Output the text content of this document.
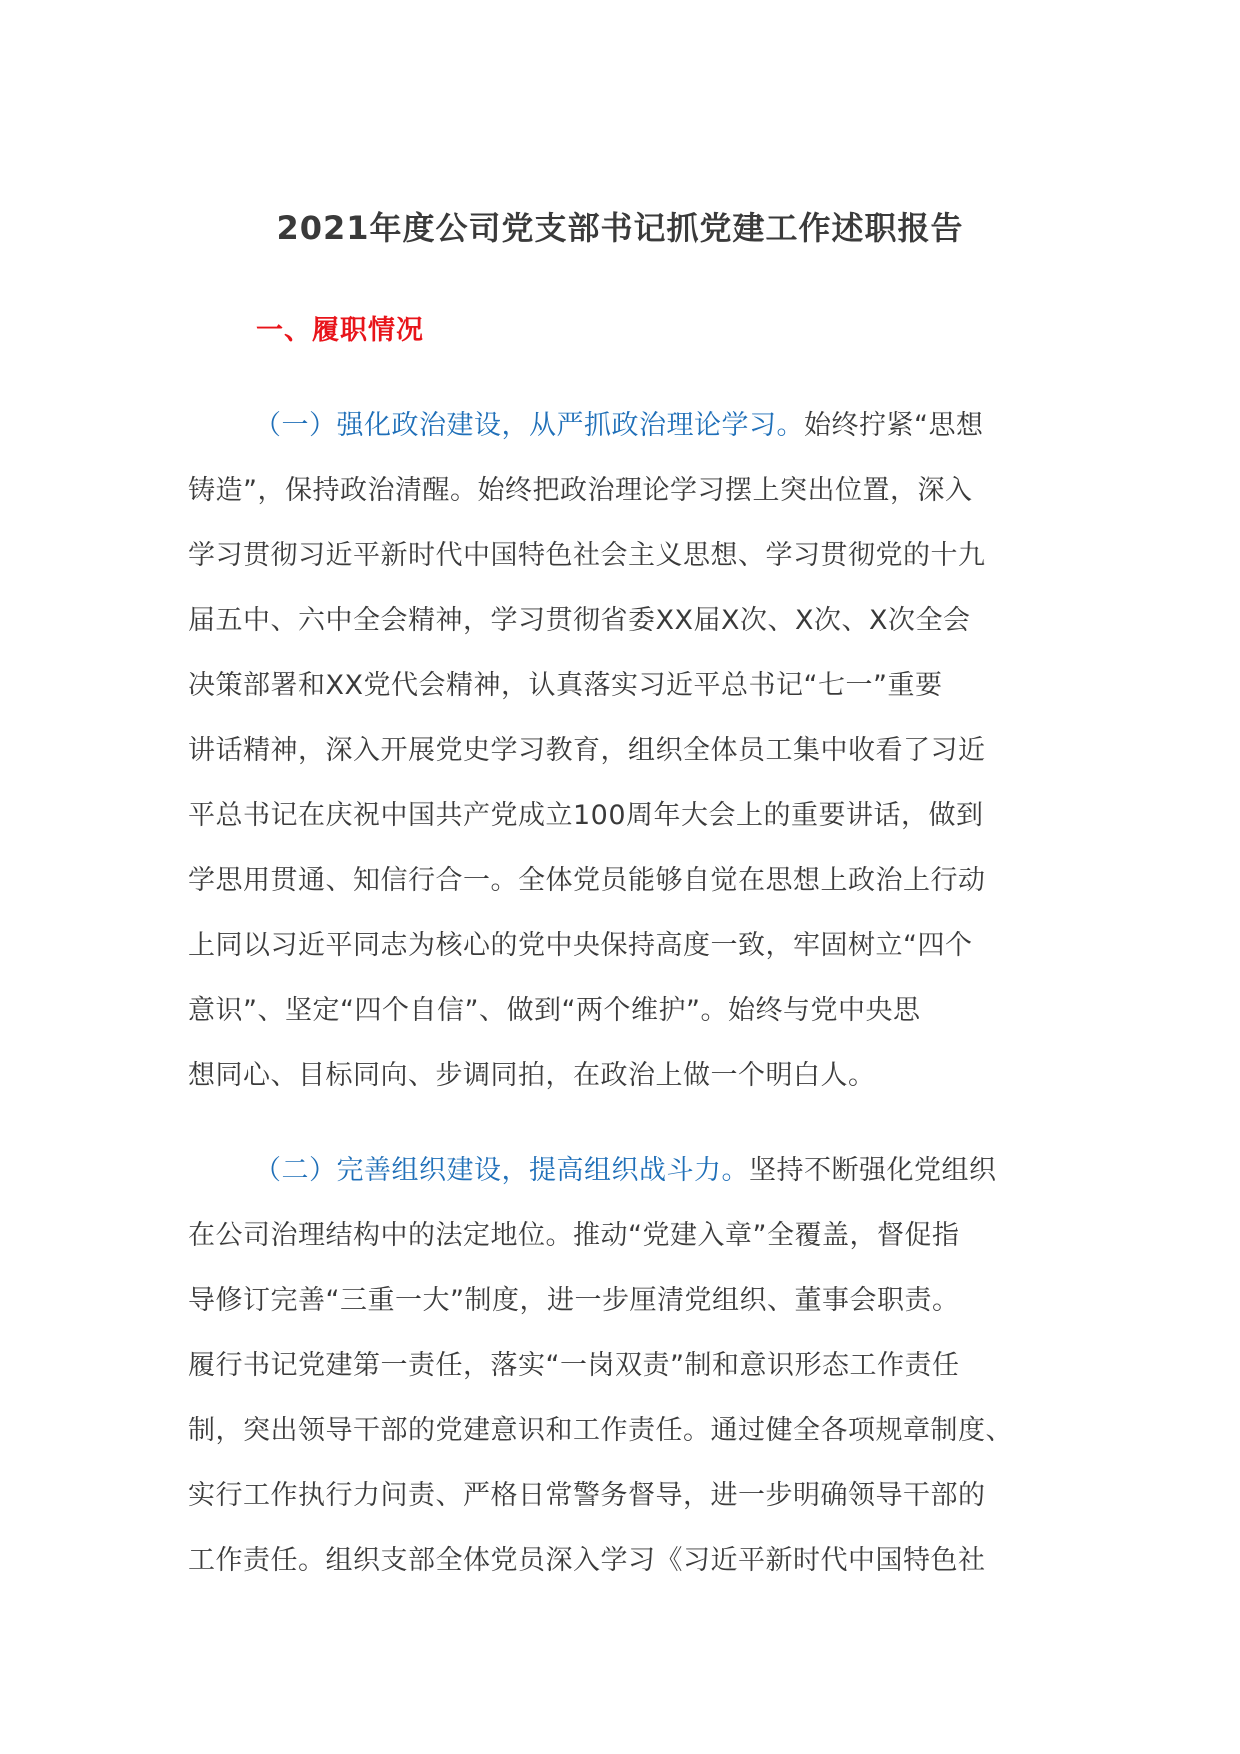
2021年度公司党支部书记抓党建工作述职报告
一、履职情况
（一）强化政治建设，从严抓政治理论学习。始终拧紧“思想
铸造”，保持政治清醒。始终把政治理论学习摆上突出位置，深入
学习贯彻习近平新时代中国特色社会主义思想、学习贯彻党的十九
届五中、六中全会精神，学习贯彻省委XX届X次、X次、X次全会
决策部署和XX党代会精神，认真落实习近平总书记“七一”重要
讲话精神，深入开展党史学习教育，组织全体员工集中收看了习近
平总书记在庆祝中国共产党成立100周年大会上的重要讲话，做到
学思用贯通、知信行合一。全体党员能够自觉在思想上政治上行动
上同以习近平同志为核心的党中央保持高度一致，牢固树立“四个
意识”、坚定“四个自信”、做到“两个维护”。始终与党中央思
想同心、目标同向、步调同拍，在政治上做一个明白人。
（二）完善组织建设，提高组织战斗力。坚持不断强化党组织
在公司治理结构中的法定地位。推动“党建入章”全覆盖，督促指
导修订完善“三重一大”制度，进一步厘清党组织、董事会职责。
履行书记党建第一责任，落实“一岗双责”制和意识形态工作责任
制，突出领导干部的党建意识和工作责任。通过健全各项规章制度、
实行工作执行力问责、严格日常警务督导，进一步明确领导干部的
工作责任。组织支部全体党员深入学习《习近平新时代中国特色社
